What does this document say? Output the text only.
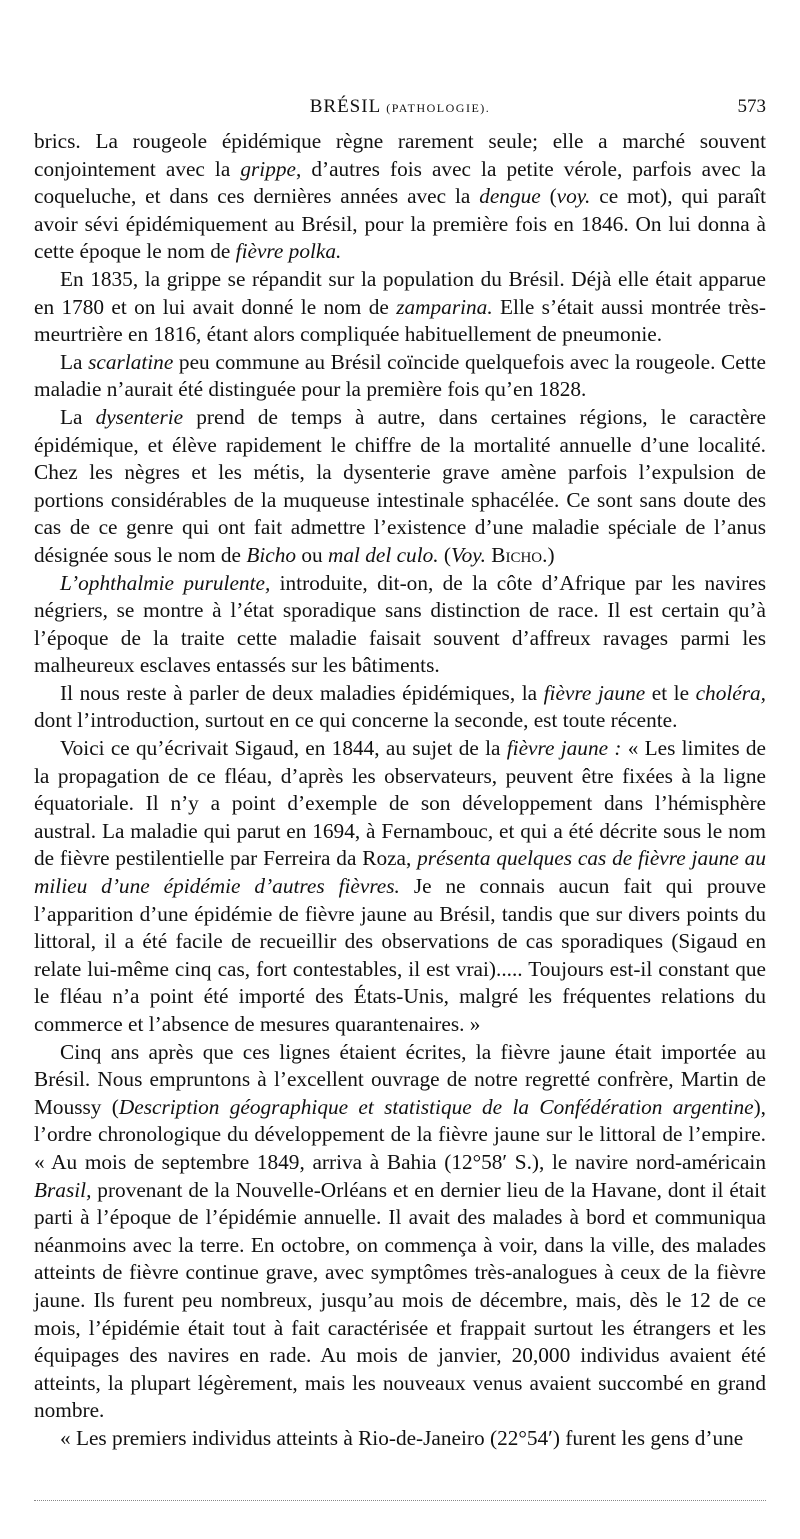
BRÉSIL (PATHOLOGIE).	573

brics. La rougeole épidémique règne rarement seule; elle a marché souvent conjointement avec la grippe, d’autres fois avec la petite vérole, parfois avec la coqueluche, et dans ces dernières années avec la dengue (voy. ce mot), qui paraît avoir sévi épidémiquement au Brésil, pour la première fois en 1846. On lui donna à cette époque le nom de fièvre polka.

En 1835, la grippe se répandit sur la population du Brésil. Déjà elle était apparue en 1780 et on lui avait donné le nom de zamparina. Elle s’était aussi montrée très-meurtrière en 1816, étant alors compliquée habituellement de pneumonie.

La scarlatine peu commune au Brésil coïncide quelquefois avec la rougeole. Cette maladie n’aurait été distinguée pour la première fois qu’en 1828.

La dysenterie prend de temps à autre, dans certaines régions, le caractère épidémique, et élève rapidement le chiffre de la mortalité annuelle d’une localité. Chez les nègres et les métis, la dysenterie grave amène parfois l’expulsion de portions considérables de la muqueuse intestinale sphacélée. Ce sont sans doute des cas de ce genre qui ont fait admettre l’existence d’une maladie spéciale de l’anus désignée sous le nom de Bicho ou mal del culo. (Voy. Bicho.)

L’ophthalmie purulente, introduite, dit-on, de la côte d’Afrique par les navires négriers, se montre à l’état sporadique sans distinction de race. Il est certain qu’à l’époque de la traite cette maladie faisait souvent d’affreux ravages parmi les malheureux esclaves entassés sur les bâtiments.

Il nous reste à parler de deux maladies épidémiques, la fièvre jaune et le choléra, dont l’introduction, surtout en ce qui concerne la seconde, est toute récente.

Voici ce qu’écrivait Sigaud, en 1844, au sujet de la fièvre jaune : « Les limites de la propagation de ce fléau, d’après les observateurs, peuvent être fixées à la ligne équatoriale. Il n’y a point d’exemple de son développement dans l’hémisphère austral. La maladie qui parut en 1694, à Fernambouc, et qui a été décrite sous le nom de fièvre pestilentielle par Ferreira da Roza, présenta quelques cas de fièvre jaune au milieu d’une épidémie d’autres fièvres. Je ne connais aucun fait qui prouve l’apparition d’une épidémie de fièvre jaune au Brésil, tandis que sur divers points du littoral, il a été facile de recueillir des observations de cas sporadiques (Sigaud en relate lui-même cinq cas, fort contestables, il est vrai)..... Toujours est-il constant que le fléau n’a point été importé des États-Unis, malgré les fréquentes relations du commerce et l’absence de mesures quarantenaires. »

Cinq ans après que ces lignes étaient écrites, la fièvre jaune était importée au Brésil. Nous empruntons à l’excellent ouvrage de notre regretté confrère, Martin de Moussy (Description géographique et statistique de la Confédération argentine), l’ordre chronologique du développement de la fièvre jaune sur le littoral de l’empire. « Au mois de septembre 1849, arriva à Bahia (12°58′ S.), le navire nord-américain Brasil, provenant de la Nouvelle-Orléans et en dernier lieu de la Havane, dont il était parti à l’époque de l’épidémie annuelle. Il avait des malades à bord et communiqua néanmoins avec la terre. En octobre, on commença à voir, dans la ville, des malades atteints de fièvre continue grave, avec symptômes très-analogues à ceux de la fièvre jaune. Ils furent peu nombreux, jusqu’au mois de décembre, mais, dès le 12 de ce mois, l’épidémie était tout à fait caractérisée et frappait surtout les étrangers et les équipages des navires en rade. Au mois de janvier, 20,000 individus avaient été atteints, la plupart légèrement, mais les nouveaux venus avaient succombé en grand nombre.

« Les premiers individus atteints à Rio-de-Janeiro (22°54′) furent les gens d’une
